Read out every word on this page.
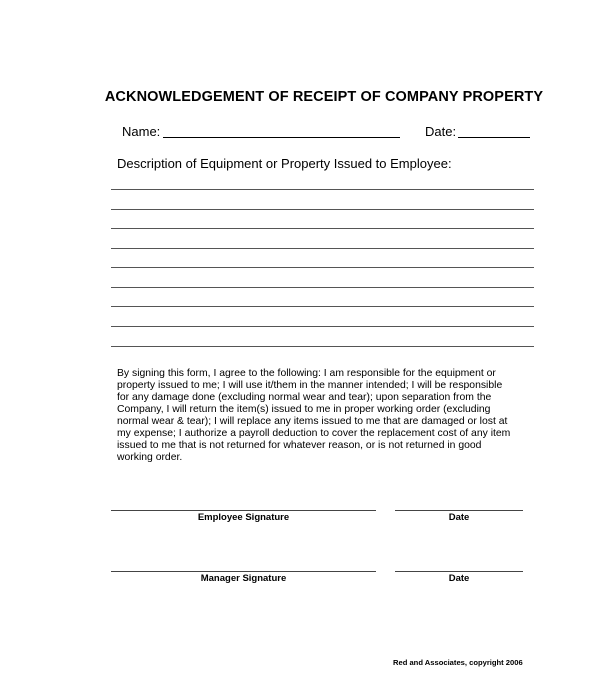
ACKNOWLEDGEMENT OF RECEIPT OF COMPANY PROPERTY
Name:	Date:
Description of Equipment or Property Issued to Employee:

By signing this form, I agree to the following: I am responsible for the equipment or

property issued to me; I will use it/them in the manner intended; I will be responsible

for any damage done (excluding normal wear and tear); upon separation from the

Company, I will return the item(s) issued to me in proper working order (excluding

normal wear & tear); I will replace any items issued to me that are damaged or lost at

my expense; I authorize a payroll deduction to cover the replacement cost of any item

issued to me that is not returned for whatever reason, or is not returned in good

working order.

Employee Signature	Date
Manager Signature	Date
Red and Associates, copyright 2006
